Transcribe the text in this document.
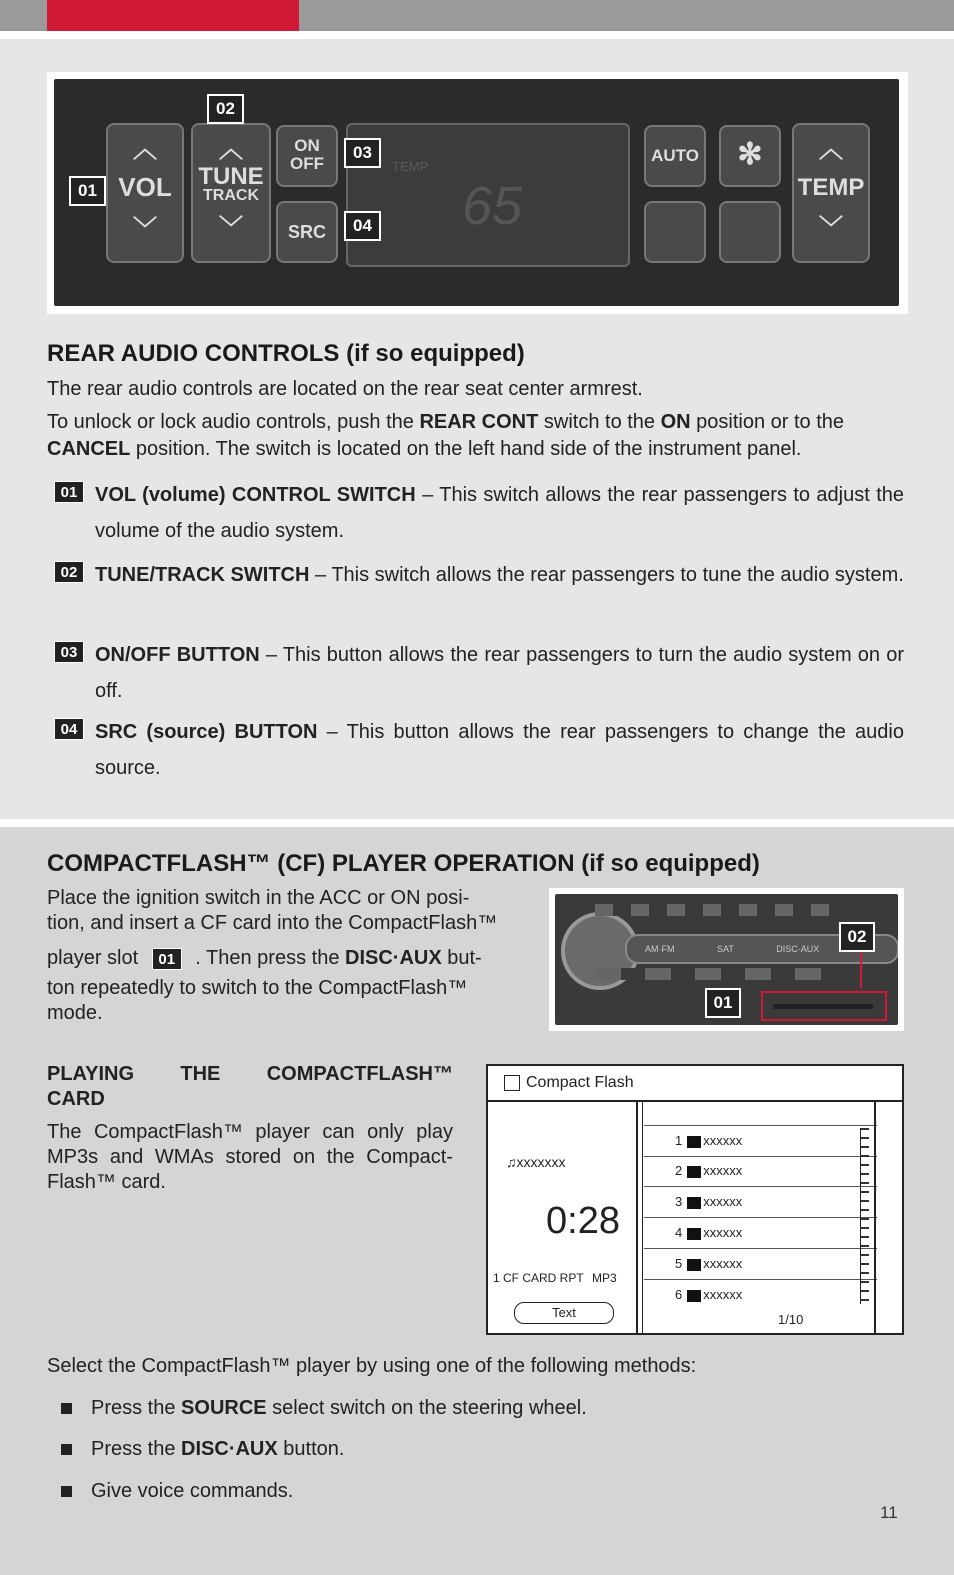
︿
VOL
﹀
︿
TUNE
TRACK
﹀
ON
OFF
SRC
TEMP
65
AUTO	✻	︿
TEMP
﹀
01
02
03
04
REAR AUDIO CONTROLS (if so equipped)

The rear audio controls are located on the rear seat center armrest.

To unlock or lock audio controls, push the REAR CONT switch to the ON position or to the CANCEL position. The switch is located on the left hand side of the instrument panel.

01 VOL (volume) CONTROL SWITCH – This switch allows the rear passengers to adjust the volume of the audio system.
02 TUNE/TRACK SWITCH – This switch allows the rear passengers to tune the audio system.
03 ON/OFF BUTTON – This button allows the rear passengers to turn the audio system on or off.
04 SRC (source) BUTTON – This button allows the rear passengers to change the audio source.
COMPACTFLASH™ (CF) PLAYER OPERATION (if so equipped)
Place the ignition switch in the ACC or ON posi-
tion, and insert a CF card into the CompactFlash™
player slot 01 . Then press the DISC·AUX but-
ton repeatedly to switch to the CompactFlash™
mode.
AM·FM	SAT	DISC·AUX
02
01
PLAYING THE COMPACTFLASH™
CARD
The CompactFlash™ player can only play
MP3s and WMAs stored on the Compact-
Flash™ card.
Compact Flash
♫xxxxxxx
0:28
1 CF CARD RPT MP3
Text
1 xxxxxx
2 xxxxxx
3 xxxxxx
4 xxxxxx
5 xxxxxx
6 xxxxxx
1/10

Select the CompactFlash™ player by using one of the following methods:

Press the SOURCE select switch on the steering wheel.
Press the DISC·AUX button.
Give voice commands.
11
